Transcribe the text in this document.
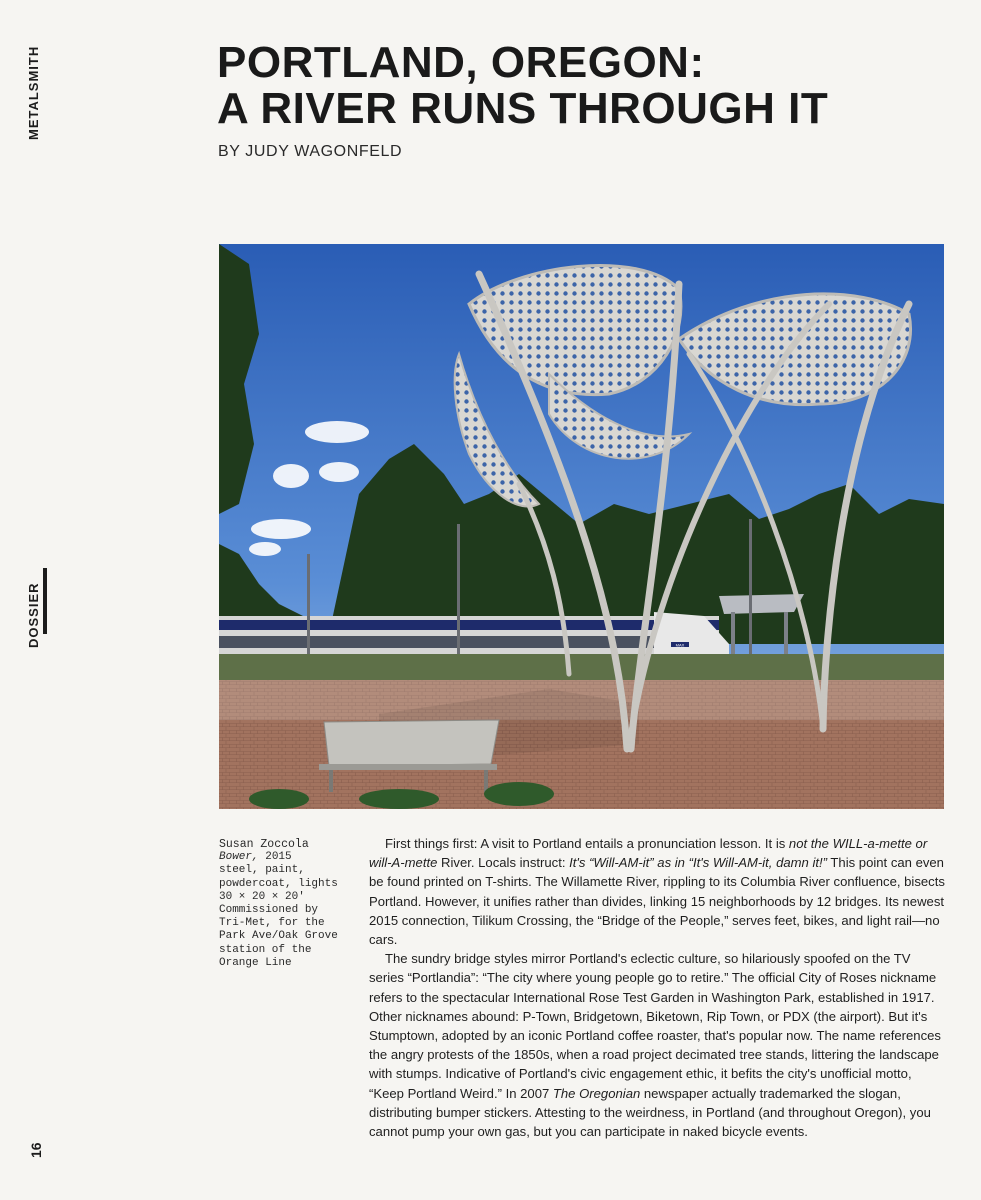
METALSMITH
DOSSIER
16
PORTLAND, OREGON:
A RIVER RUNS THROUGH IT
BY JUDY WAGONFELD
MAX
Susan Zoccola
Bower, 2015
steel, paint,
powdercoat, lights
30 × 20 × 20'
Commissioned by
Tri-Met, for the
Park Ave/Oak Grove
station of the
Orange Line

First things first: A visit to Portland entails a pronunciation lesson. It is not the WILL-a-mette or will-A-mette River. Locals instruct: It's “Will-AM-it” as in “It's Will-AM-it, damn it!” This point can even be found printed on T-shirts. The Willamette River, rippling to its Columbia River confluence, bisects Portland. However, it unifies rather than divides, linking 15 neighborhoods by 12 bridges. Its newest 2015 connection, Tilikum Crossing, the “Bridge of the People,” serves feet, bikes, and light rail—no cars.

The sundry bridge styles mirror Portland's eclectic culture, so hilariously spoofed on the TV series “Portlandia”: “The city where young people go to retire.” The official City of Roses nickname refers to the spectacular International Rose Test Garden in Washington Park, established in 1917. Other nicknames abound: P-Town, Bridgetown, Biketown, Rip Town, or PDX (the airport). But it's Stumptown, adopted by an iconic Portland coffee roaster, that's popular now. The name references the angry protests of the 1850s, when a road project decimated tree stands, littering the landscape with stumps. Indicative of Portland's civic engagement ethic, it befits the city's unofficial motto, “Keep Portland Weird.” In 2007 The Oregonian newspaper actually trademarked the slogan, distributing bumper stickers. Attesting to the weirdness, in Portland (and throughout Oregon), you cannot pump your own gas, but you can participate in naked bicycle events.
